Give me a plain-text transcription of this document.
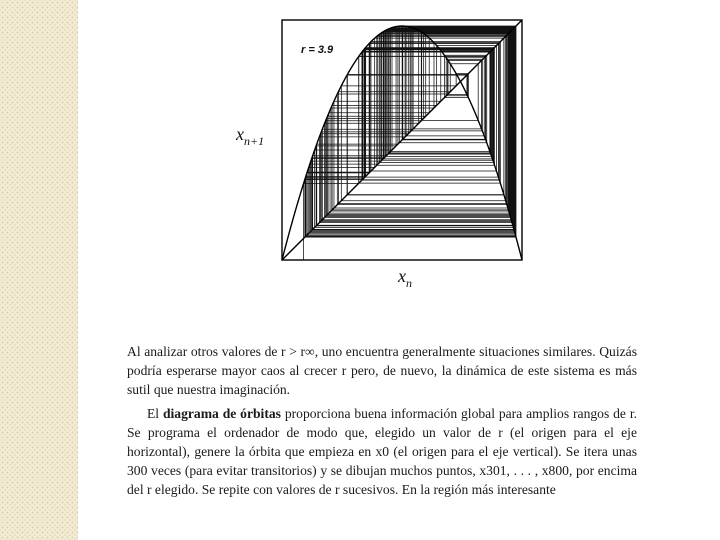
r = 3.9
$x_{n+1}$
$x_n$

Al analizar otros valores de r > r∞, uno encuentra generalmente situaciones similares. Quizás podría esperarse mayor caos al crecer r pero, de nuevo, la dinámica de este sistema es más sutil que nuestra imaginación.

El diagrama de órbitas proporciona buena información global para amplios rangos de r. Se programa el ordenador de modo que, elegido un valor de r (el origen para el eje horizontal), genere la órbita que empieza en x0 (el origen para el eje vertical). Se itera unas 300 veces (para evitar transitorios) y se dibujan muchos puntos, x301, . . . , x800, por encima del r elegido. Se repite con valores de r sucesivos. En la región más interesante
